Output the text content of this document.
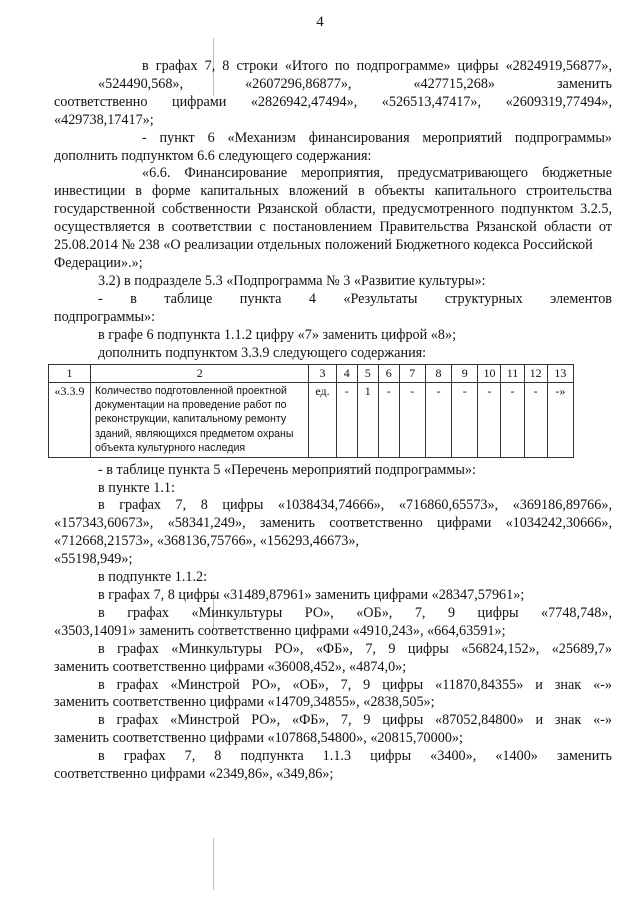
4

в графах 7, 8 строки «Итого по подпрограмме» цифры «2824919,56877», «524490,568», «2607296,86877», «427715,268» заменить

соответственно цифрами «2826942,47494», «526513,47417», «2609319,77494», «429738,17417»;

- пункт 6 «Механизм финансирования мероприятий подпрограммы» дополнить подпунктом 6.6 следующего содержания:

«6.6. Финансирование мероприятия, предусматривающего бюджетные инвестиции в форме капитальных вложений в объекты капитального строительства государственной собственности Рязанской области, предусмотренного подпунктом 3.2.5, осуществляется в соответствии с постановлением Правительства Рязанской области от 25.08.2014 № 238 «О реализации отдельных положений Бюджетного кодекса Российской

Федерации».»;

3.2) в подразделе 5.3 «Подпрограмма № 3 «Развитие культуры»:

- в таблице пункта 4 «Результаты структурных элементов

подпрограммы»:

в графе 6 подпункта 1.1.2 цифру «7» заменить цифрой «8»;

дополнить подпунктом 3.3.9 следующего содержания:

1	2	3	4	5	6	7	8	9	10	11	12	13
«3.3.9	Количество подготовленной проектной документации на проведение работ по реконструкции, капитальному ремонту зданий, являющихся предметом охраны объекта культурного наследия	ед.	-	1	-	-	-	-	-	-	-	-»

- в таблице пункта 5 «Перечень мероприятий подпрограммы»:

в пункте 1.1:

в графах 7, 8 цифры «1038434,74666», «716860,65573», «369186,89766», «157343,60673», «58341,249», заменить соответственно цифрами «1034242,30666», «712668,21573», «368136,75766», «156293,46673»,

«55198,949»;

в подпункте 1.1.2:

в графах 7, 8 цифры «31489,87961» заменить цифрами «28347,57961»;

в графах «Минкультуры РО», «ОБ», 7, 9 цифры «7748,748»,

«3503,14091» заменить соответственно цифрами «4910,243», «664,63591»;

в графах «Минкультуры РО», «ФБ», 7, 9 цифры «56824,152», «25689,7»

заменить соответственно цифрами «36008,452», «4874,0»;

в графах «Минстрой РО», «ОБ», 7, 9 цифры «11870,84355» и знак «-»

заменить соответственно цифрами «14709,34855», «2838,505»;

в графах «Минстрой РО», «ФБ», 7, 9 цифры «87052,84800» и знак «-»

заменить соответственно цифрами «107868,54800», «20815,70000»;

в графах 7, 8 подпункта 1.1.3 цифры «3400», «1400» заменить

соответственно цифрами «2349,86», «349,86»;
